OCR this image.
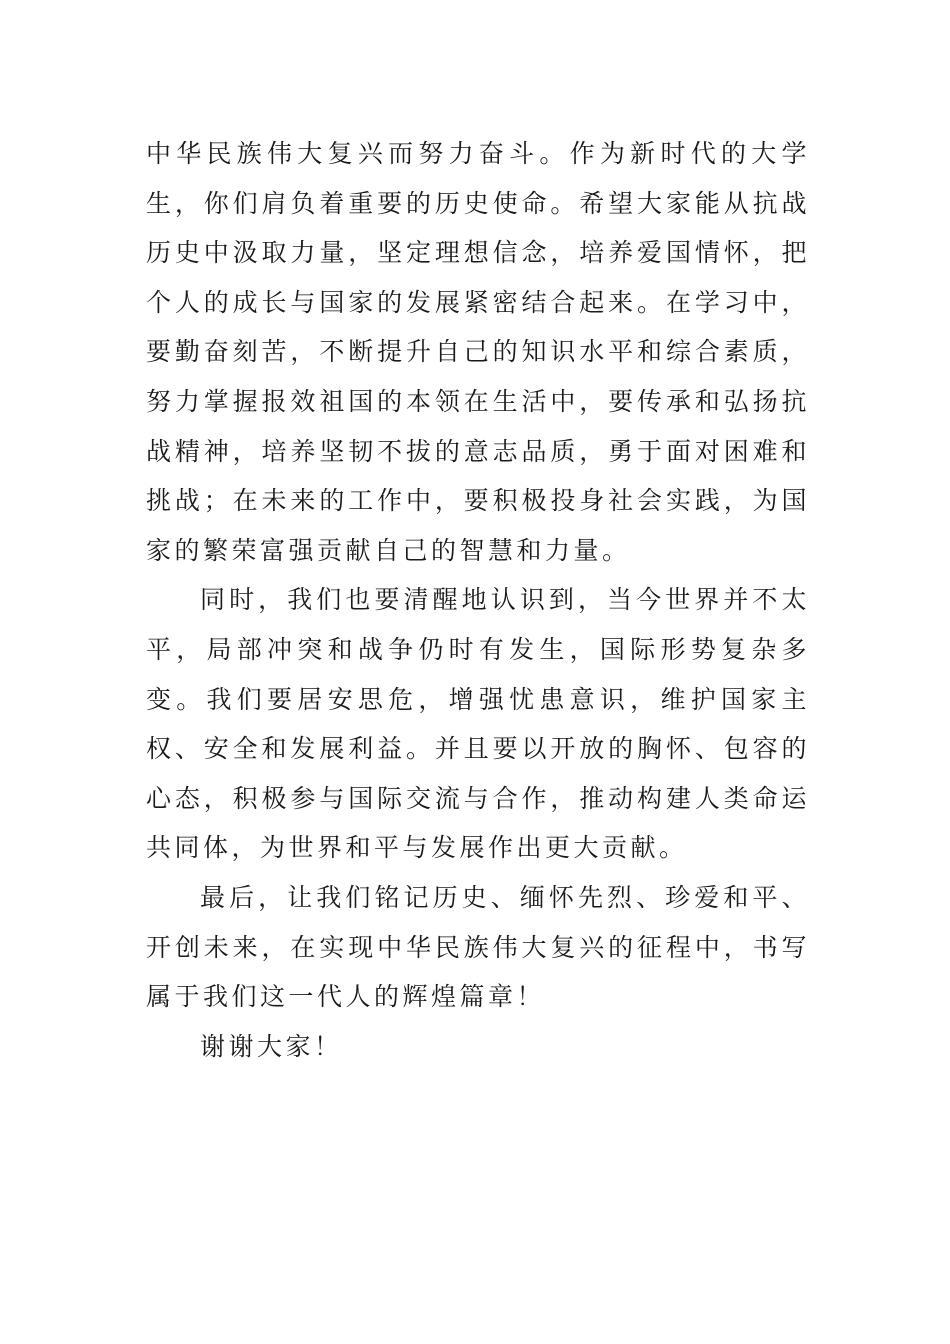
中华民族伟大复兴而努力奋斗。作为新时代的大学生，你们肩负着重要的历史使命。希望大家能从抗战历史中汲取力量，坚定理想信念，培养爱国情怀，把个人的成长与国家的发展紧密结合起来。在学习中，要勤奋刻苦，不断提升自己的知识水平和综合素质，努力掌握报效祖国的本领在生活中，要传承和弘扬抗战精神，培养坚韧不拔的意志品质，勇于面对困难和挑战；在未来的工作中，要积极投身社会实践，为国家的繁荣富强贡献自己的智慧和力量。

同时，我们也要清醒地认识到，当今世界并不太平，局部冲突和战争仍时有发生，国际形势复杂多变。我们要居安思危，增强忧患意识，维护国家主权、安全和发展利益。并且要以开放的胸怀、包容的心态，积极参与国际交流与合作，推动构建人类命运共同体，为世界和平与发展作出更大贡献。

最后，让我们铭记历史、缅怀先烈、珍爱和平、开创未来，在实现中华民族伟大复兴的征程中，书写属于我们这一代人的辉煌篇章！

谢谢大家！
